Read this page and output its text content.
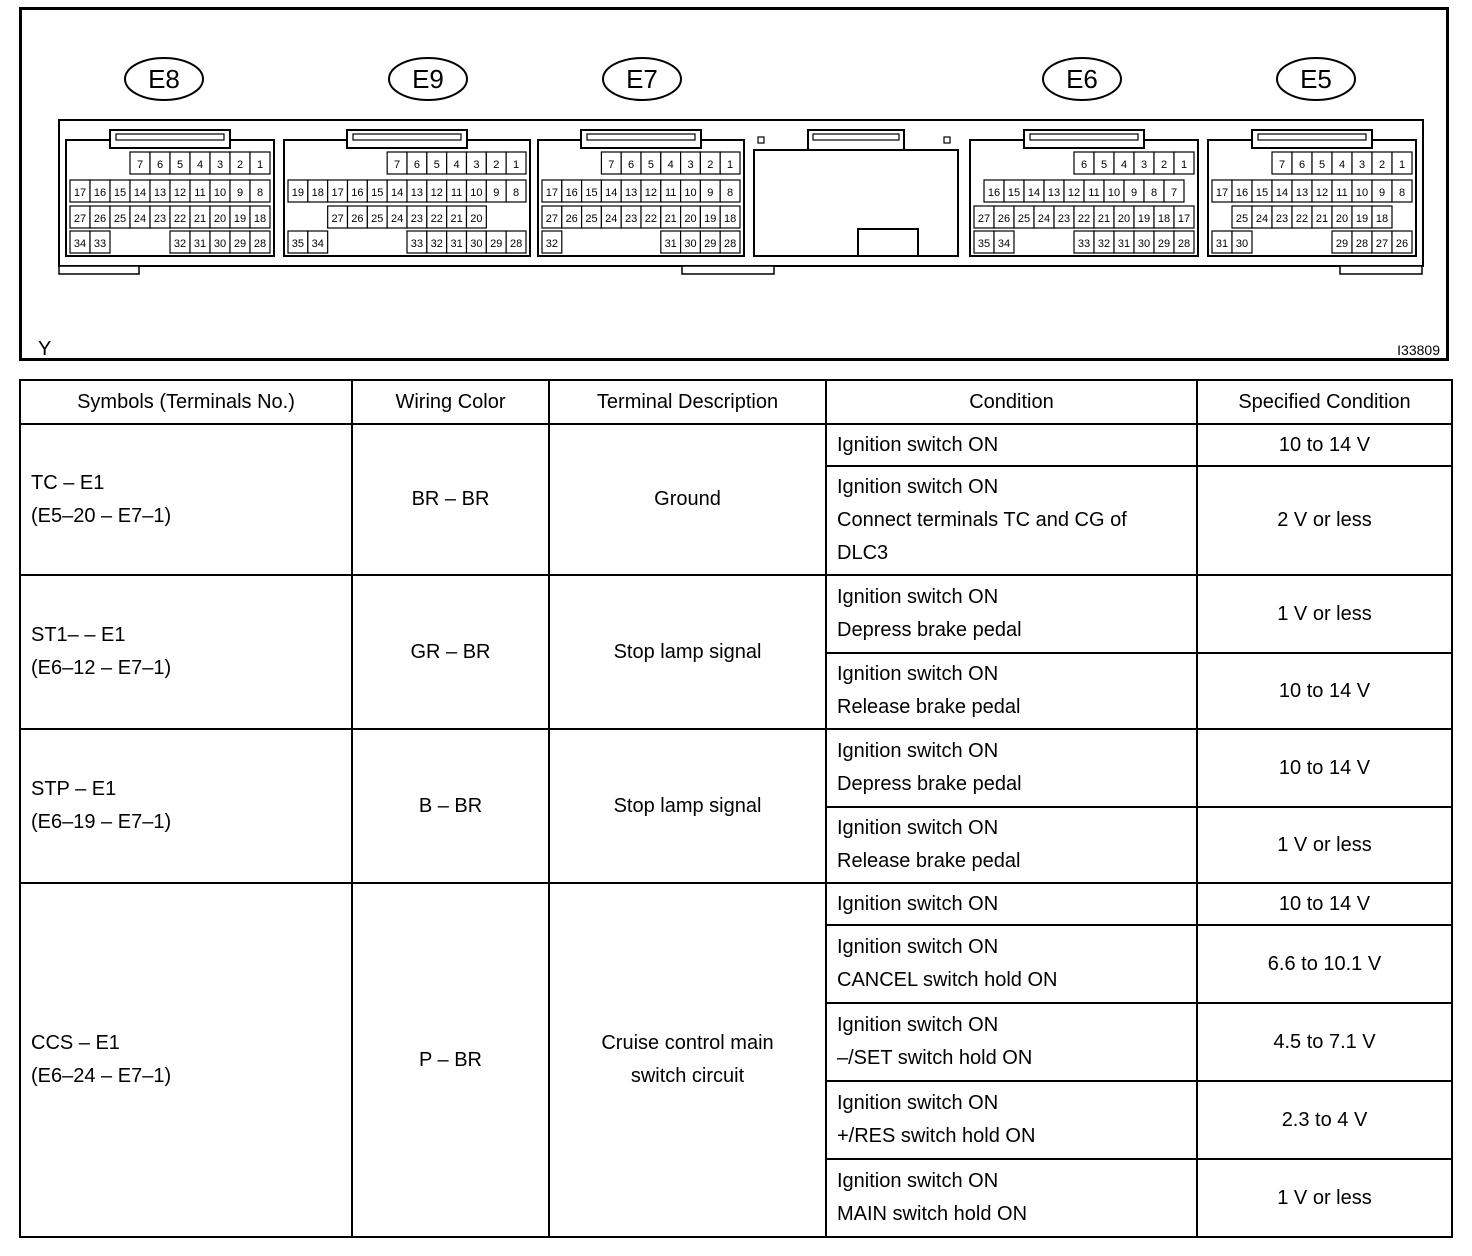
E8
7 6 5 4 3 2 1
17 16 15 14 13 12 11 10 9 8
27 26 25 24 23 22 21 20 19 18
34 33	32 31 30 29 28
E9
7 6 5 4 3 2 1
19 18 17 16 15 14 13 12 11 10 9 8
27 26 25 24 23 22 21 20
35 34	33 32 31 30 29 28
E7
7 6 5 4 3 2 1
17 16 15 14 13 12 11 10 9 8
27 26 25 24 23 22 21 20 19 18
32	31 30 29 28
E6
6 5 4 3 2 1
16 15 14 13 12 11 10 9 8 7
27 26 25 24 23 22 21 20 19 18 17
35 34	33 32 31 30 29 28
E5
7 6 5 4 3 2 1
17 16 15 14 13 12 11 10 9 8
25 24 23 22 21 20 19 18
31 30	29 28 27 26
Y	I33809
Symbols (Terminals No.)	Wiring Color	Terminal Description	Condition	Specified Condition

TC – E1
(E5–20 – E7–1)	BR – BR	Ground	Ignition switch ON	10 to 14 V

			Ignition switch ON
Connect terminals TC and CG of
DLC3	2 V or less

ST1– – E1
(E6–12 – E7–1)	GR – BR	Stop lamp signal	Ignition switch ON
Depress brake pedal	1 V or less

			Ignition switch ON
Release brake pedal	10 to 14 V

STP – E1
(E6–19 – E7–1)	B – BR	Stop lamp signal	Ignition switch ON
Depress brake pedal	10 to 14 V

			Ignition switch ON
Release brake pedal	1 V or less

CCS – E1
(E6–24 – E7–1)	P – BR	Cruise control main
switch circuit	Ignition switch ON	10 to 14 V

			Ignition switch ON
CANCEL switch hold ON	6.6 to 10.1 V

			Ignition switch ON
–/SET switch hold ON	4.5 to 7.1 V

			Ignition switch ON
+/RES switch hold ON	2.3 to 4 V

			Ignition switch ON
MAIN switch hold ON	1 V or less
